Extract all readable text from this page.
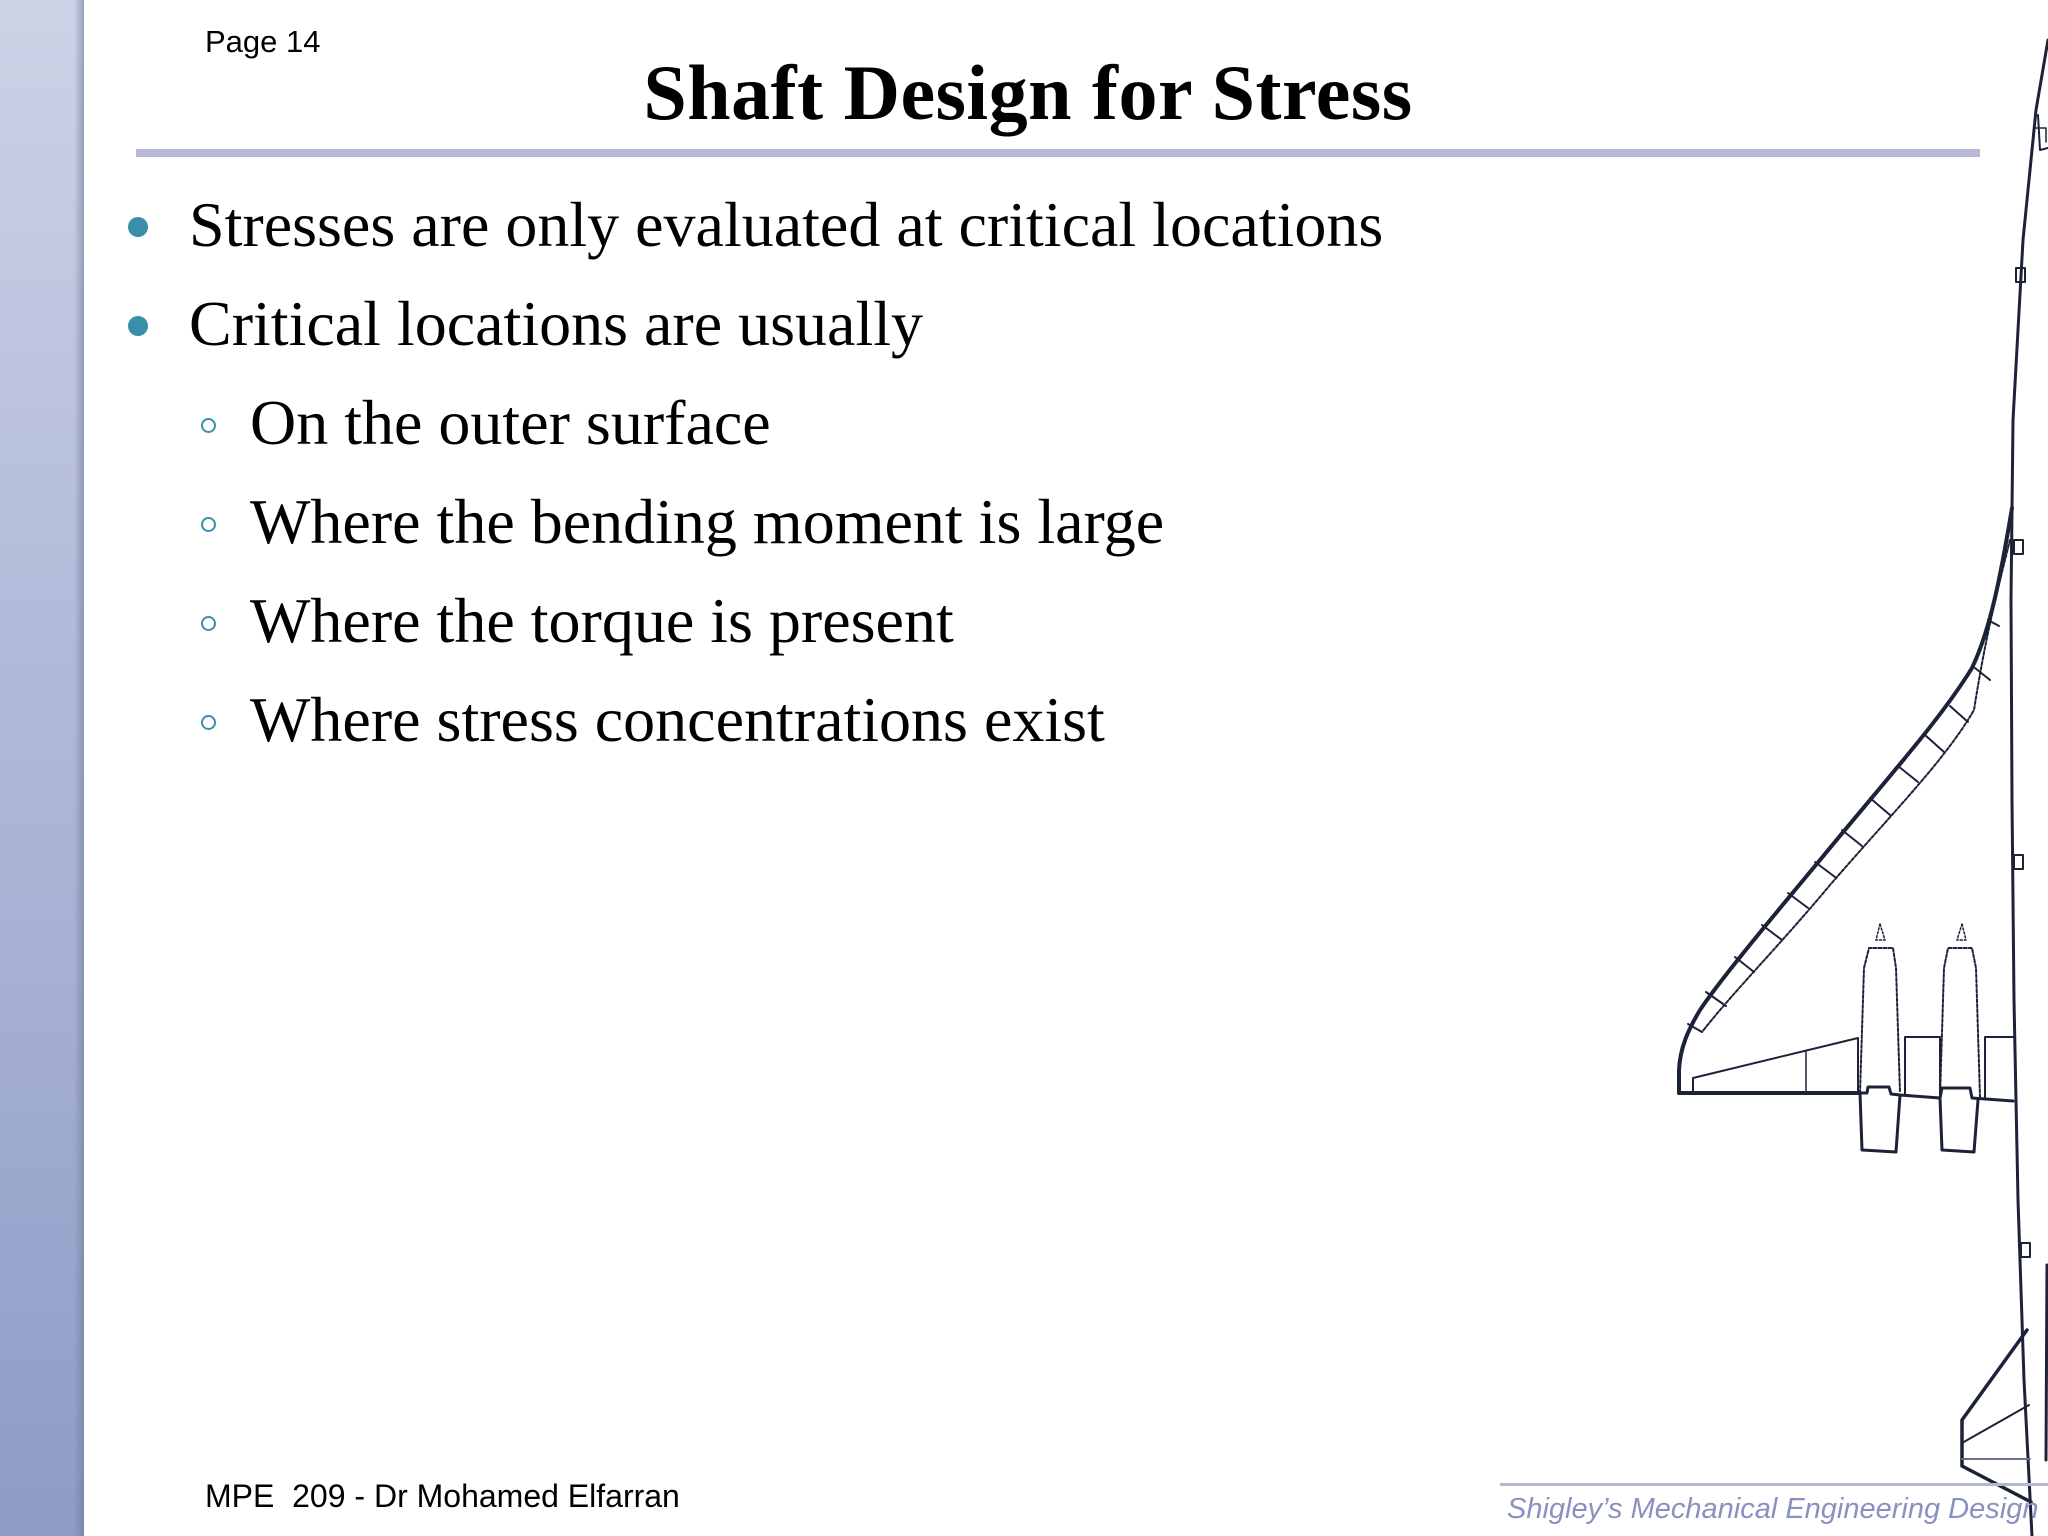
Page 14
Shaft Design for Stress
Stresses are only evaluated at critical locations
Critical locations are usually
On the outer surface
Where the bending moment is large
Where the torque is present
Where stress concentrations exist
MPE  209 - Dr Mohamed Elfarran	Shigley’s Mechanical Engineering Design
